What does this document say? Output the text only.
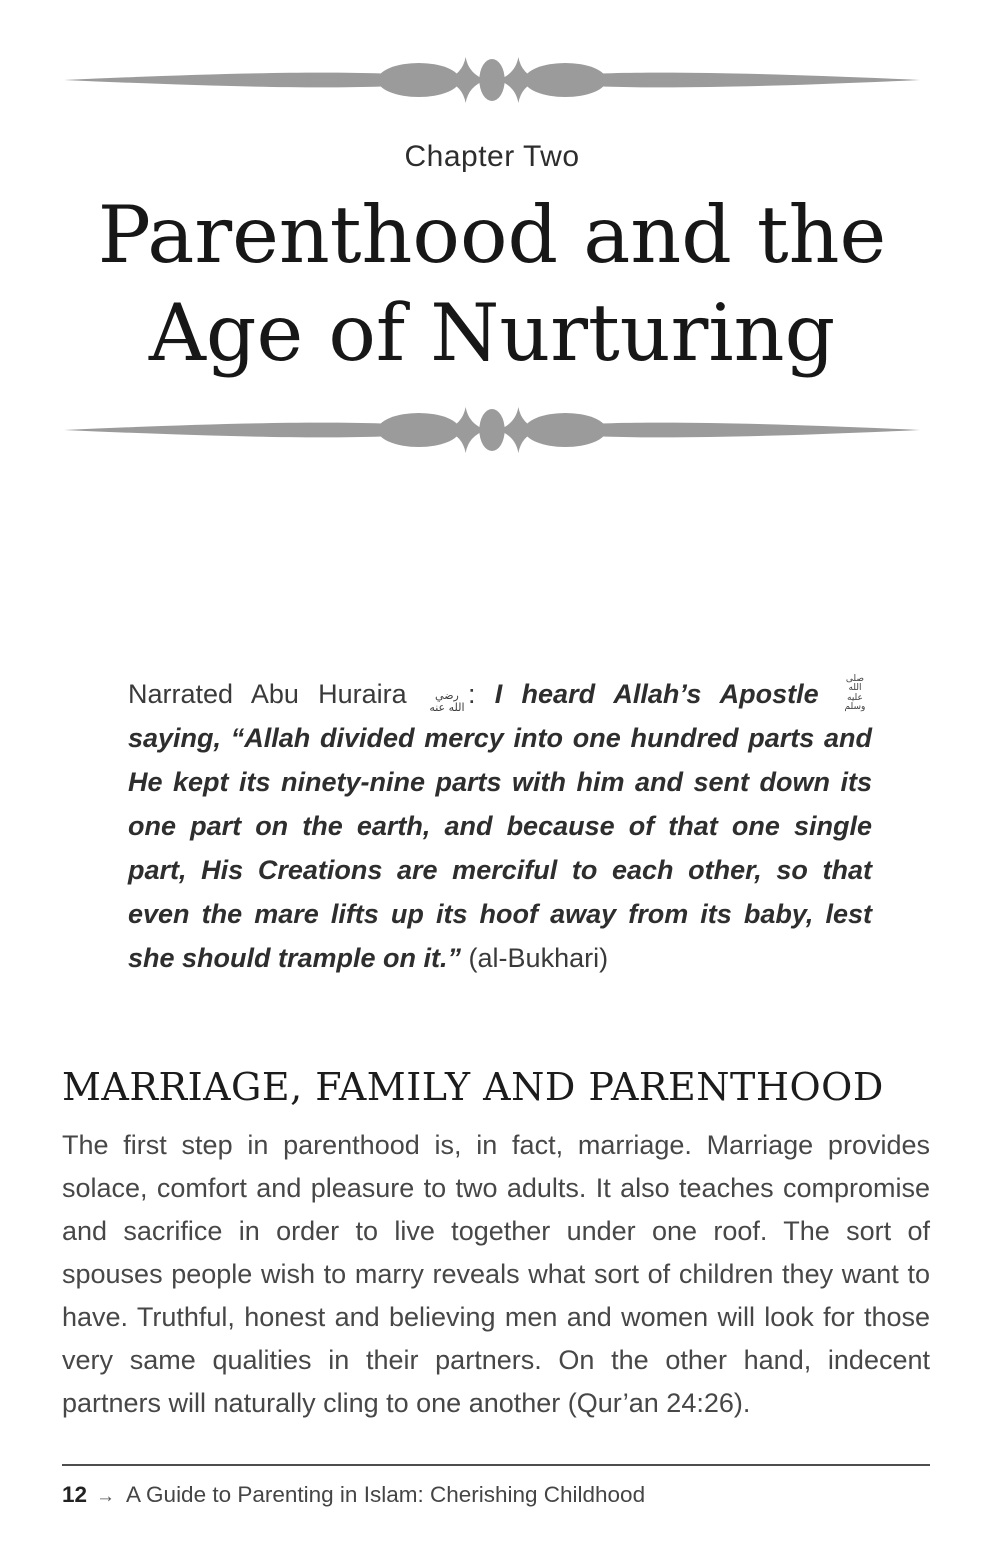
Chapter Two
Parenthood and the
Age of Nurturing

Narrated Abu Huraira	رضي الله عنه : I heard Allah’s Apostle صلى الله عليه وسلم saying, “Allah divided mercy into one hundred parts and He kept its ninety-nine parts with him and sent down its one part on the earth, and because of that one single part, His Creations are merciful to each other, so that even the mare lifts up its hoof away from its baby, lest she should trample on it.” (al-Bukhari)

MARRIAGE, FAMILY AND PARENTHOOD

The first step in parenthood is, in fact, marriage. Marriage provides solace, comfort and pleasure to two adults. It also teaches compromise and sacrifice in order to live together under one roof. The sort of spouses people wish to marry reveals what sort of children they want to have. Truthful, honest and believing men and women will look for those very same qualities in their partners. On the other hand, indecent partners will naturally cling to one another (Qur’an 24:26).

12 → A Guide to Parenting in Islam: Cherishing Childhood
